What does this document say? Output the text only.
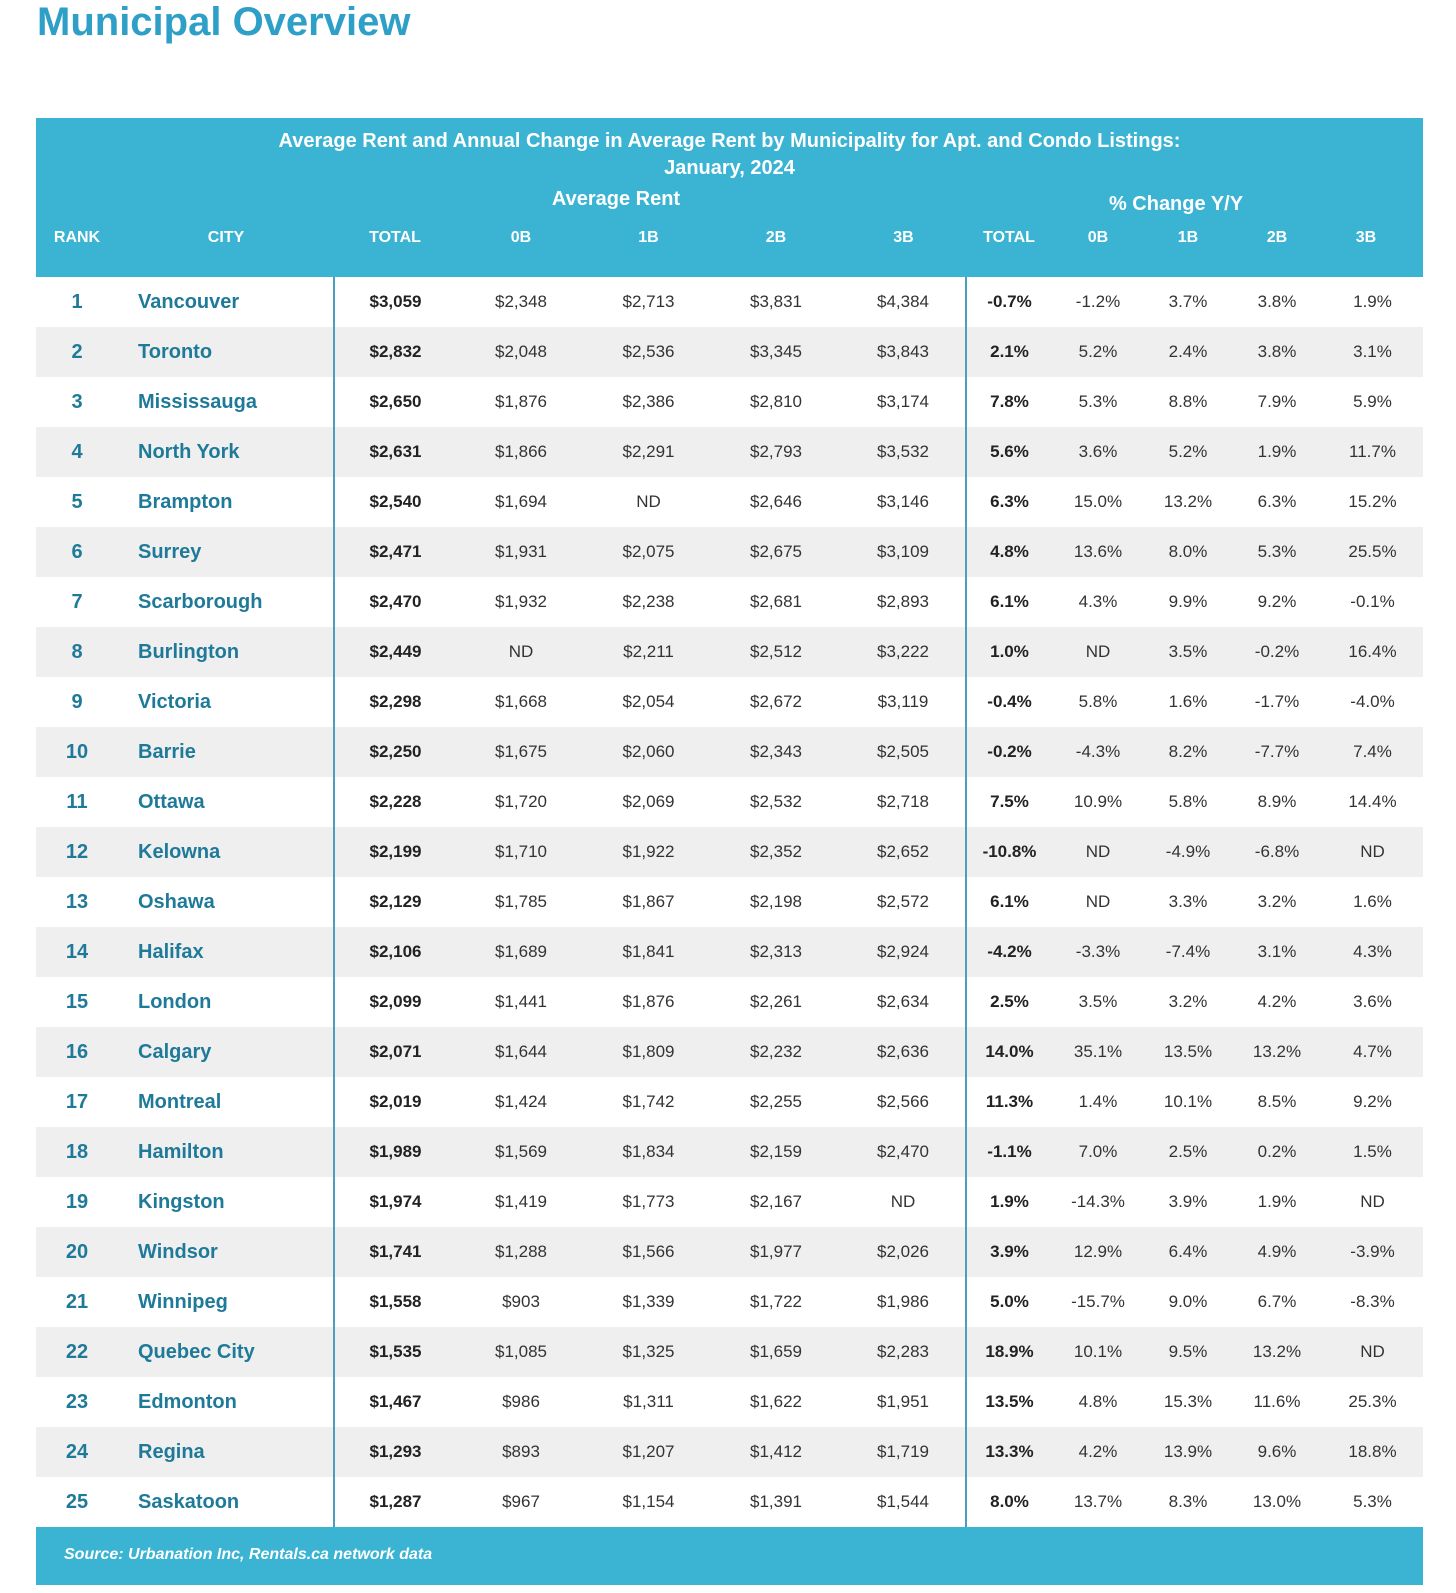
Municipal Overview
Average Rent and Annual Change in Average Rent by Municipality for Apt. and Condo Listings:
January, 2024
Average Rent	% Change Y/Y
RANK	CITY	TOTAL	0B	1B	2B	3B	TOTAL	0B	1B	2B	3B
1	Vancouver	$3,059	$2,348	$2,713	$3,831	$4,384	-0.7%	-1.2%	3.7%	3.8%	1.9%
2	Toronto	$2,832	$2,048	$2,536	$3,345	$3,843	2.1%	5.2%	2.4%	3.8%	3.1%
3	Mississauga	$2,650	$1,876	$2,386	$2,810	$3,174	7.8%	5.3%	8.8%	7.9%	5.9%
4	North York	$2,631	$1,866	$2,291	$2,793	$3,532	5.6%	3.6%	5.2%	1.9%	11.7%
5	Brampton	$2,540	$1,694	ND	$2,646	$3,146	6.3%	15.0%	13.2%	6.3%	15.2%
6	Surrey	$2,471	$1,931	$2,075	$2,675	$3,109	4.8%	13.6%	8.0%	5.3%	25.5%
7	Scarborough	$2,470	$1,932	$2,238	$2,681	$2,893	6.1%	4.3%	9.9%	9.2%	-0.1%
8	Burlington	$2,449	ND	$2,211	$2,512	$3,222	1.0%	ND	3.5%	-0.2%	16.4%
9	Victoria	$2,298	$1,668	$2,054	$2,672	$3,119	-0.4%	5.8%	1.6%	-1.7%	-4.0%
10	Barrie	$2,250	$1,675	$2,060	$2,343	$2,505	-0.2%	-4.3%	8.2%	-7.7%	7.4%
11	Ottawa	$2,228	$1,720	$2,069	$2,532	$2,718	7.5%	10.9%	5.8%	8.9%	14.4%
12	Kelowna	$2,199	$1,710	$1,922	$2,352	$2,652	-10.8%	ND	-4.9%	-6.8%	ND
13	Oshawa	$2,129	$1,785	$1,867	$2,198	$2,572	6.1%	ND	3.3%	3.2%	1.6%
14	Halifax	$2,106	$1,689	$1,841	$2,313	$2,924	-4.2%	-3.3%	-7.4%	3.1%	4.3%
15	London	$2,099	$1,441	$1,876	$2,261	$2,634	2.5%	3.5%	3.2%	4.2%	3.6%
16	Calgary	$2,071	$1,644	$1,809	$2,232	$2,636	14.0%	35.1%	13.5%	13.2%	4.7%
17	Montreal	$2,019	$1,424	$1,742	$2,255	$2,566	11.3%	1.4%	10.1%	8.5%	9.2%
18	Hamilton	$1,989	$1,569	$1,834	$2,159	$2,470	-1.1%	7.0%	2.5%	0.2%	1.5%
19	Kingston	$1,974	$1,419	$1,773	$2,167	ND	1.9%	-14.3%	3.9%	1.9%	ND
20	Windsor	$1,741	$1,288	$1,566	$1,977	$2,026	3.9%	12.9%	6.4%	4.9%	-3.9%
21	Winnipeg	$1,558	$903	$1,339	$1,722	$1,986	5.0%	-15.7%	9.0%	6.7%	-8.3%
22	Quebec City	$1,535	$1,085	$1,325	$1,659	$2,283	18.9%	10.1%	9.5%	13.2%	ND
23	Edmonton	$1,467	$986	$1,311	$1,622	$1,951	13.5%	4.8%	15.3%	11.6%	25.3%
24	Regina	$1,293	$893	$1,207	$1,412	$1,719	13.3%	4.2%	13.9%	9.6%	18.8%
25	Saskatoon	$1,287	$967	$1,154	$1,391	$1,544	8.0%	13.7%	8.3%	13.0%	5.3%
Source: Urbanation Inc, Rentals.ca network data
